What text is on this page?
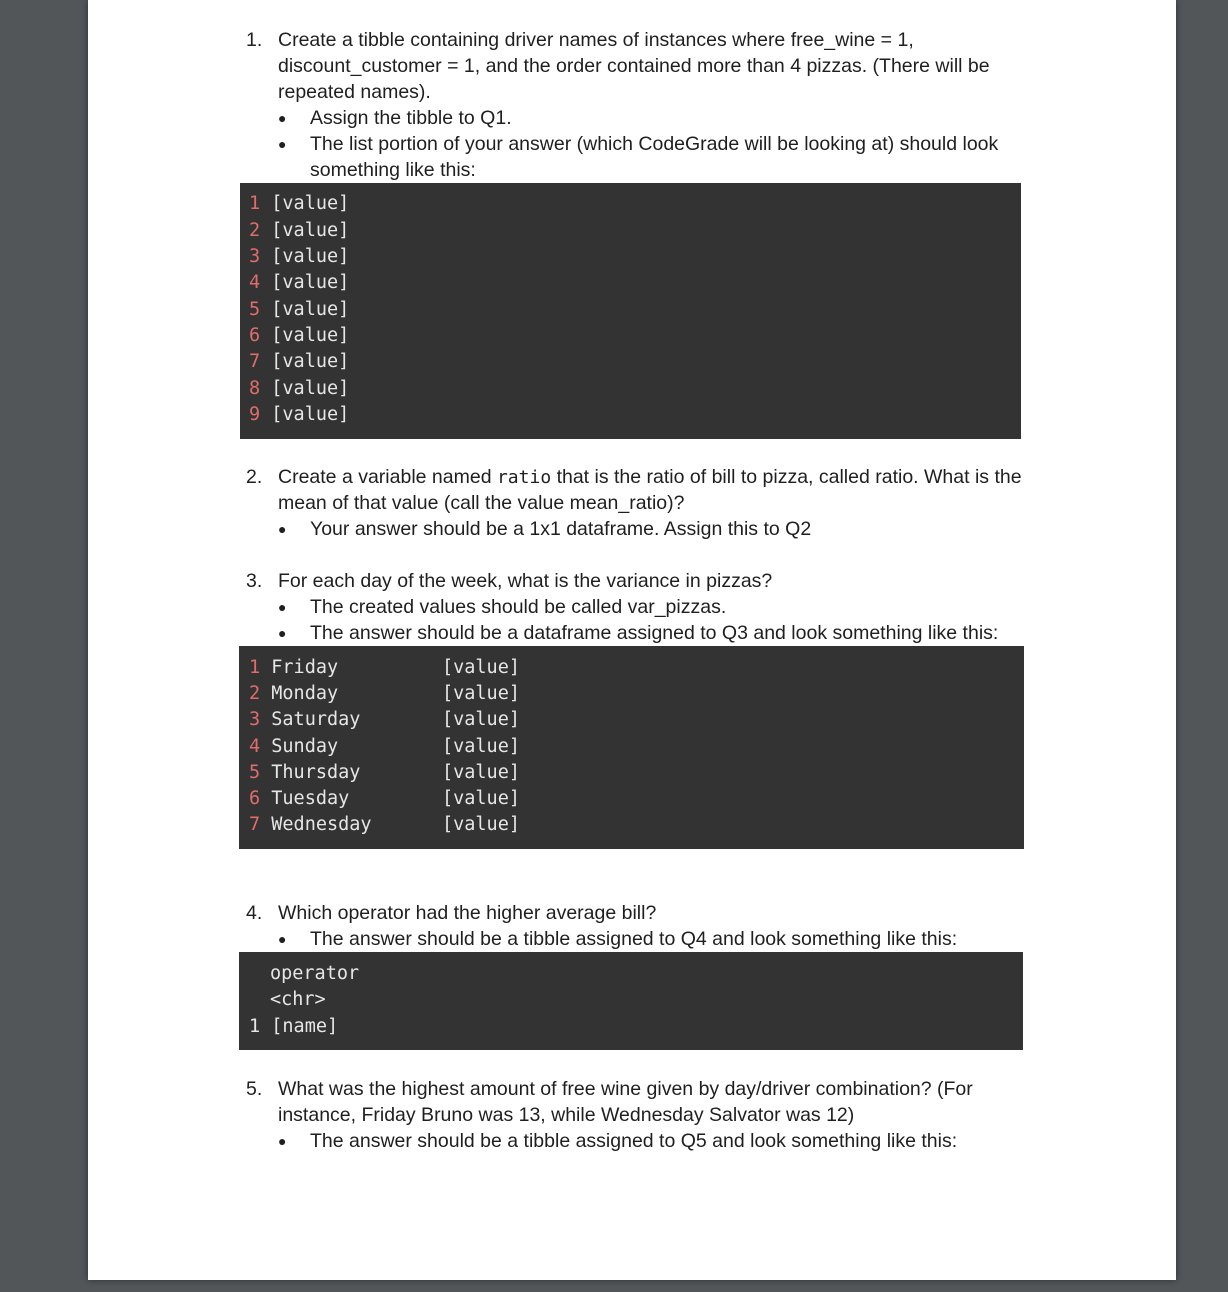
1. Create a tibble containing driver names of instances where free_wine = 1,
discount_customer = 1, and the order contained more than 4 pizzas. (There will be
repeated names).
● Assign the tibble to Q1.
● The list portion of your answer (which CodeGrade will be looking at) should look
something like this:
1 [value]
2 [value]
3 [value]
4 [value]
5 [value]
6 [value]
7 [value]
8 [value]
9 [value]
2. Create a variable named ratio that is the ratio of bill to pizza, called ratio. What is the
mean of that value (call the value mean_ratio)?
● Your answer should be a 1x1 dataframe. Assign this to Q2
3. For each day of the week, what is the variance in pizzas?
● The created values should be called var_pizzas.
● The answer should be a dataframe assigned to Q3 and look something like this:
1 Friday	[value]
2 Monday	[value]
3 Saturday	[value]
4 Sunday	[value]
5 Thursday	[value]
6 Tuesday	[value]
7 Wednesday	[value]
4. Which operator had the higher average bill?
● The answer should be a tibble assigned to Q4 and look something like this:
operator
<chr>
1 [name]
5. What was the highest amount of free wine given by day/driver combination? (For
instance, Friday Bruno was 13, while Wednesday Salvator was 12)
● The answer should be a tibble assigned to Q5 and look something like this:
